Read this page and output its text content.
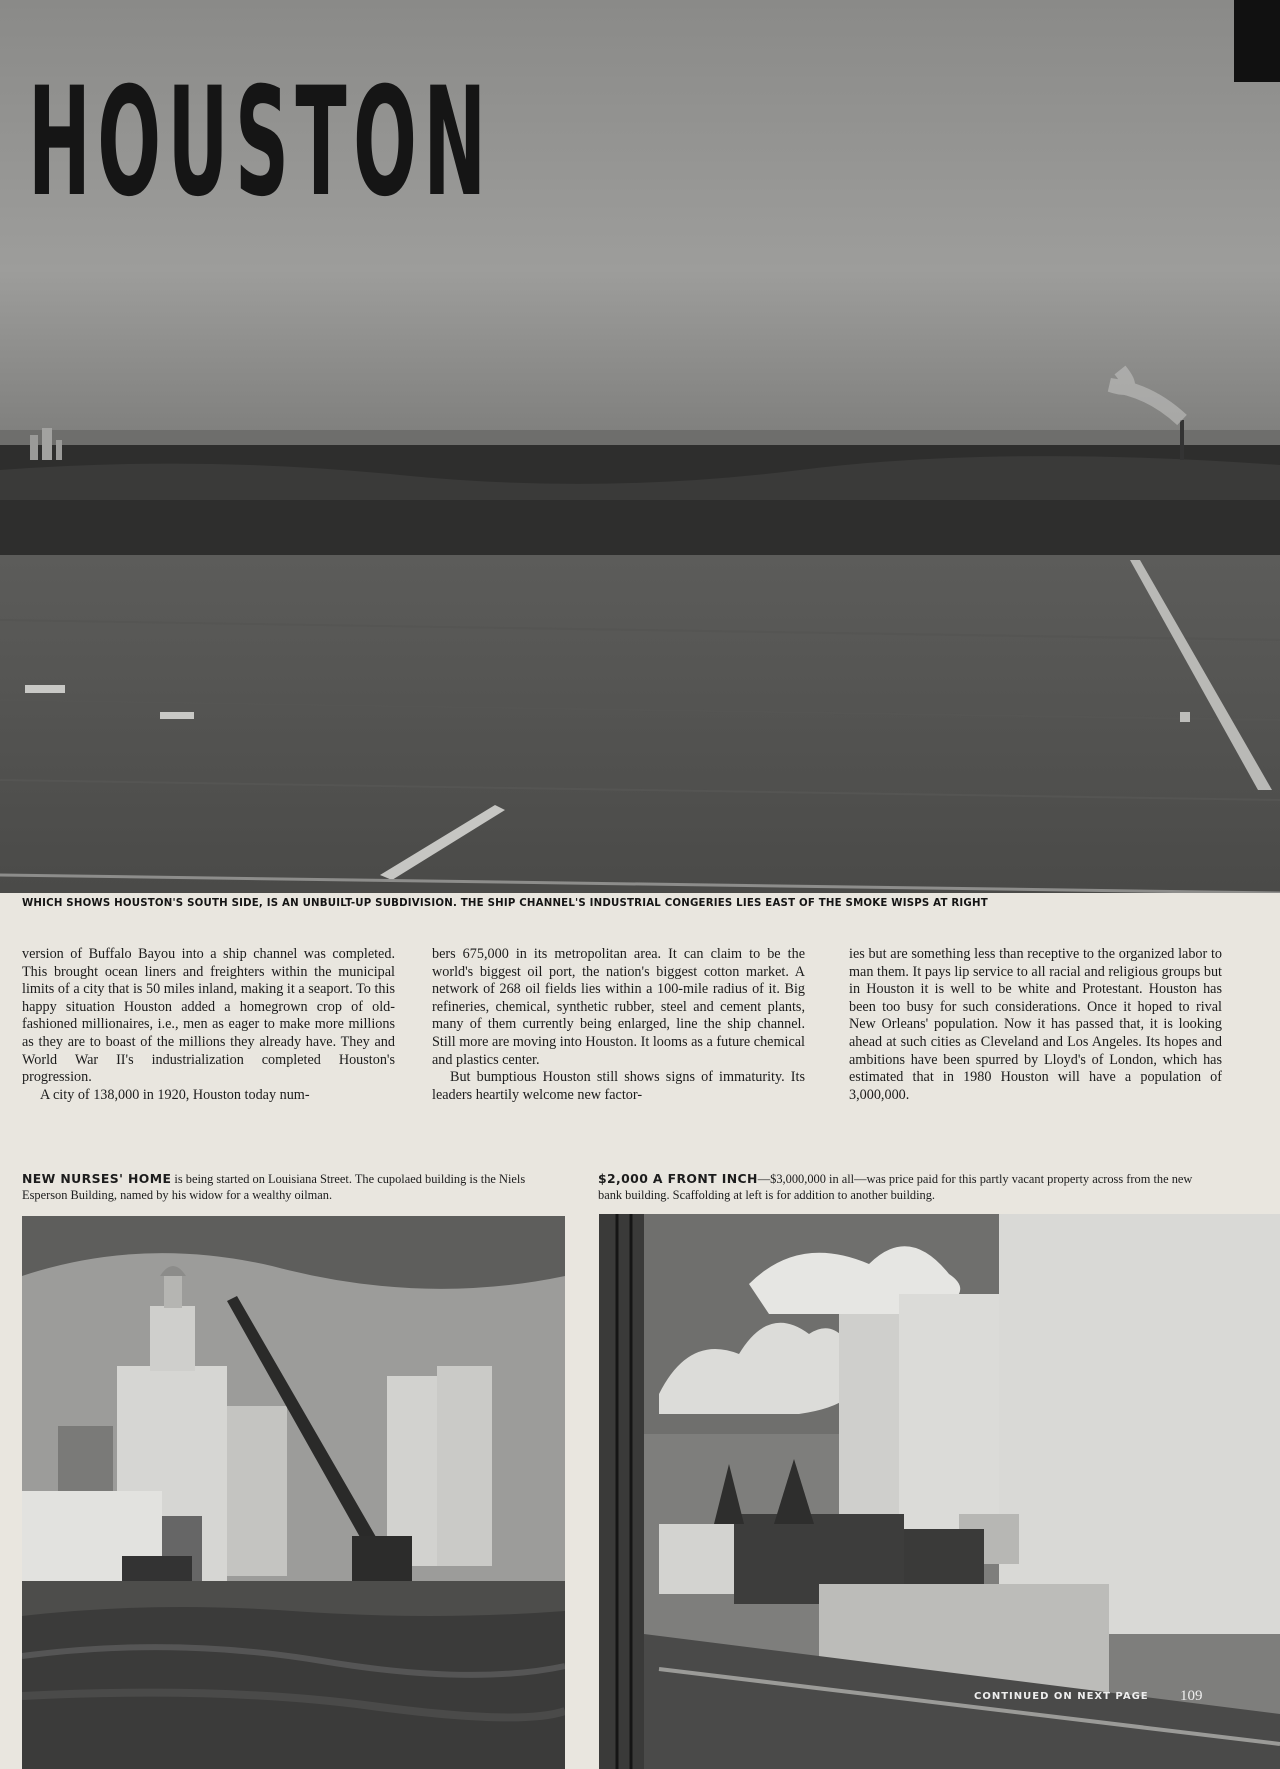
HOUSTON
WHICH SHOWS HOUSTON'S SOUTH SIDE, IS AN UNBUILT-UP SUBDIVISION. THE SHIP CHANNEL'S INDUSTRIAL CONGERIES LIES EAST OF THE SMOKE WISPS AT RIGHT

version of Buffalo Bayou into a ship channel was completed. This brought ocean liners and freighters within the municipal limits of a city that is 50 miles inland, making it a seaport. To this happy situation Houston added a homegrown crop of old-fashioned millionaires, i.e., men as eager to make more millions as they are to boast of the millions they already have. They and World War II's industrialization completed Houston's progression.

A city of 138,000 in 1920, Houston today num-

bers 675,000 in its metropolitan area. It can claim to be the world's biggest oil port, the nation's biggest cotton market. A network of 268 oil fields lies within a 100-mile radius of it. Big refineries, chemical, synthetic rubber, steel and cement plants, many of them currently being enlarged, line the ship channel. Still more are moving into Houston. It looms as a future chemical and plastics center.

But bumptious Houston still shows signs of immaturity. Its leaders heartily welcome new factor-

ies but are something less than receptive to the organized labor to man them. It pays lip service to all racial and religious groups but in Houston it is well to be white and Protestant. Houston has been too busy for such considerations. Once it hoped to rival New Orleans' population. Now it has passed that, it is looking ahead at such cities as Cleveland and Los Angeles. Its hopes and ambitions have been spurred by Lloyd's of London, which has estimated that in 1980 Houston will have a population of 3,000,000.

NEW NURSES' HOME is being started on Louisiana Street. The cupolaed building is the Niels Esperson Building, named by his widow for a wealthy oilman.
$2,000 A FRONT INCH—$3,000,000 in all—was price paid for this partly vacant property across from the new bank building. Scaffolding at left is for addition to another building.
CONTINUED ON NEXT PAGE 109
